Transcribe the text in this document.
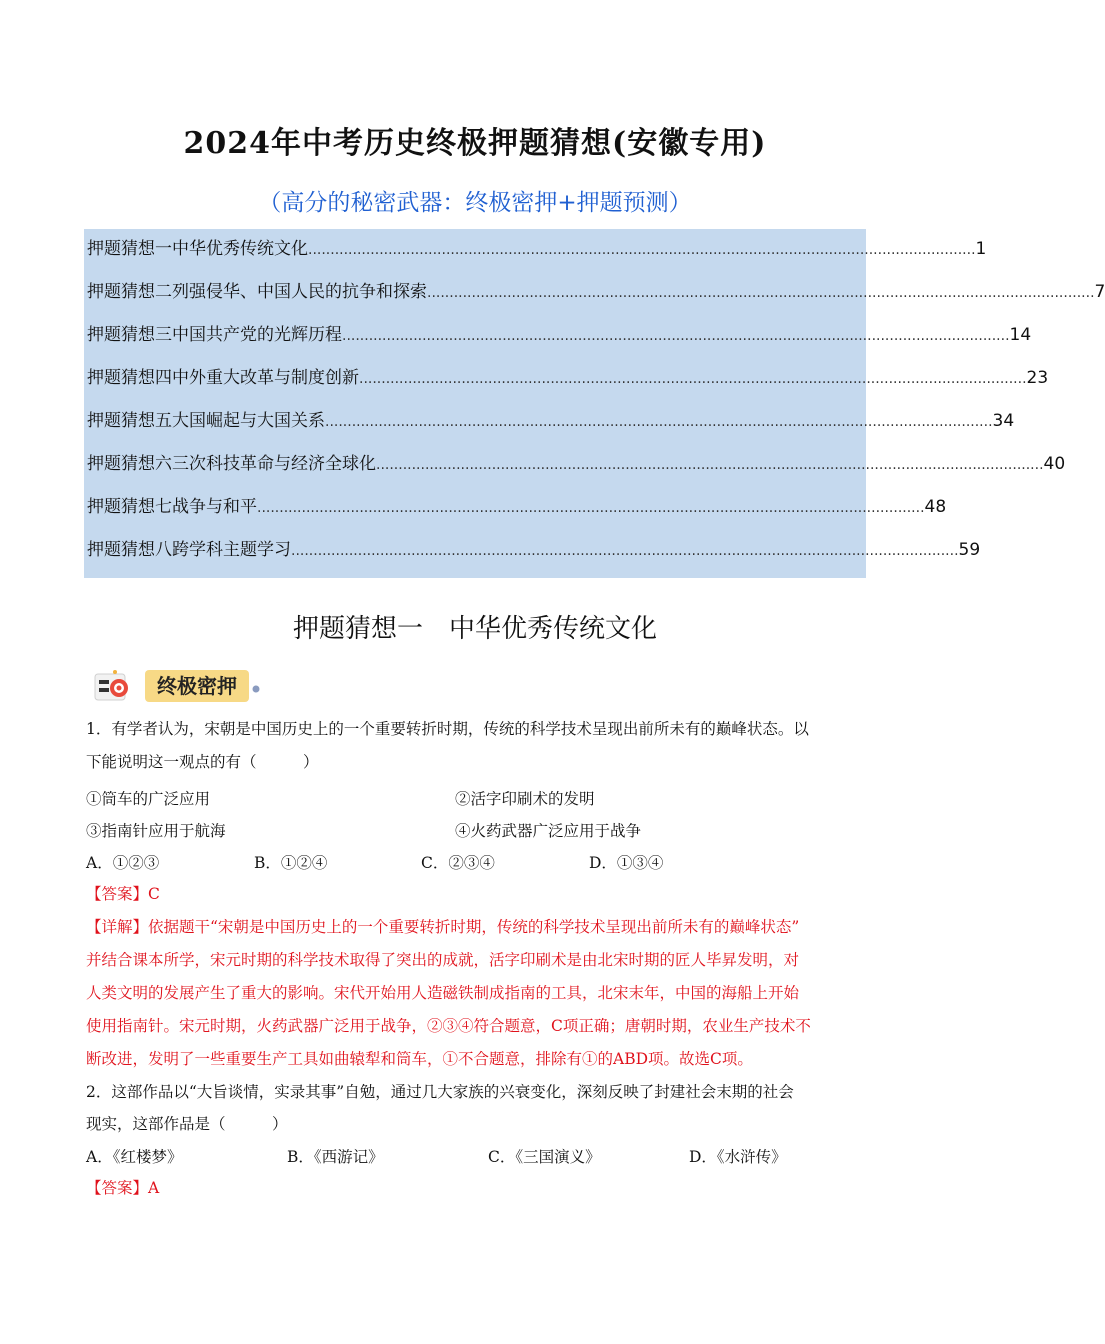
2024年中考历史终极押题猜想(安徽专用)
（高分的秘密武器：终极密押+押题预测）
押题猜想一 中华优秀传统文化 ...................................................................................................................................................... 1
押题猜想二 列强侵华、中国人民的抗争和探索 ...................................................................................................................................................... 7
押题猜想三 中国共产党的光辉历程 ...................................................................................................................................................... 14
押题猜想四 中外重大改革与制度创新 ...................................................................................................................................................... 23
押题猜想五 大国崛起与大国关系 ...................................................................................................................................................... 34
押题猜想六 三次科技革命与经济全球化 ...................................................................................................................................................... 40
押题猜想七 战争与和平 ...................................................................................................................................................... 48
押题猜想八 跨学科主题学习 ...................................................................................................................................................... 59
押题猜想一　中华优秀传统文化
终极密押
1．有学者认为，宋朝是中国历史上的一个重要转折时期，传统的科学技术呈现出前所未有的巅峰状态。以
下能说明这一观点的有（　　　）
①筒车的广泛应用	②活字印刷术的发明
③指南针应用于航海	④火药武器广泛应用于战争
A．①②③	B．①②④	C．②③④	D．①③④
【答案】C
【详解】依据题干“宋朝是中国历史上的一个重要转折时期，传统的科学技术呈现出前所未有的巅峰状态”
并结合课本所学，宋元时期的科学技术取得了突出的成就，活字印刷术是由北宋时期的匠人毕昇发明，对
人类文明的发展产生了重大的影响。宋代开始用人造磁铁制成指南的工具，北宋末年，中国的海船上开始
使用指南针。宋元时期，火药武器广泛用于战争，②③④符合题意，C项正确；唐朝时期，农业生产技术不
断改进，发明了一些重要生产工具如曲辕犁和筒车，①不合题意，排除有①的ABD项。故选C项。
2．这部作品以“大旨谈情，实录其事”自勉，通过几大家族的兴衰变化，深刻反映了封建社会末期的社会
现实，这部作品是（　　　）
A．《红楼梦》	B．《西游记》	C．《三国演义》	D．《水浒传》
【答案】A
